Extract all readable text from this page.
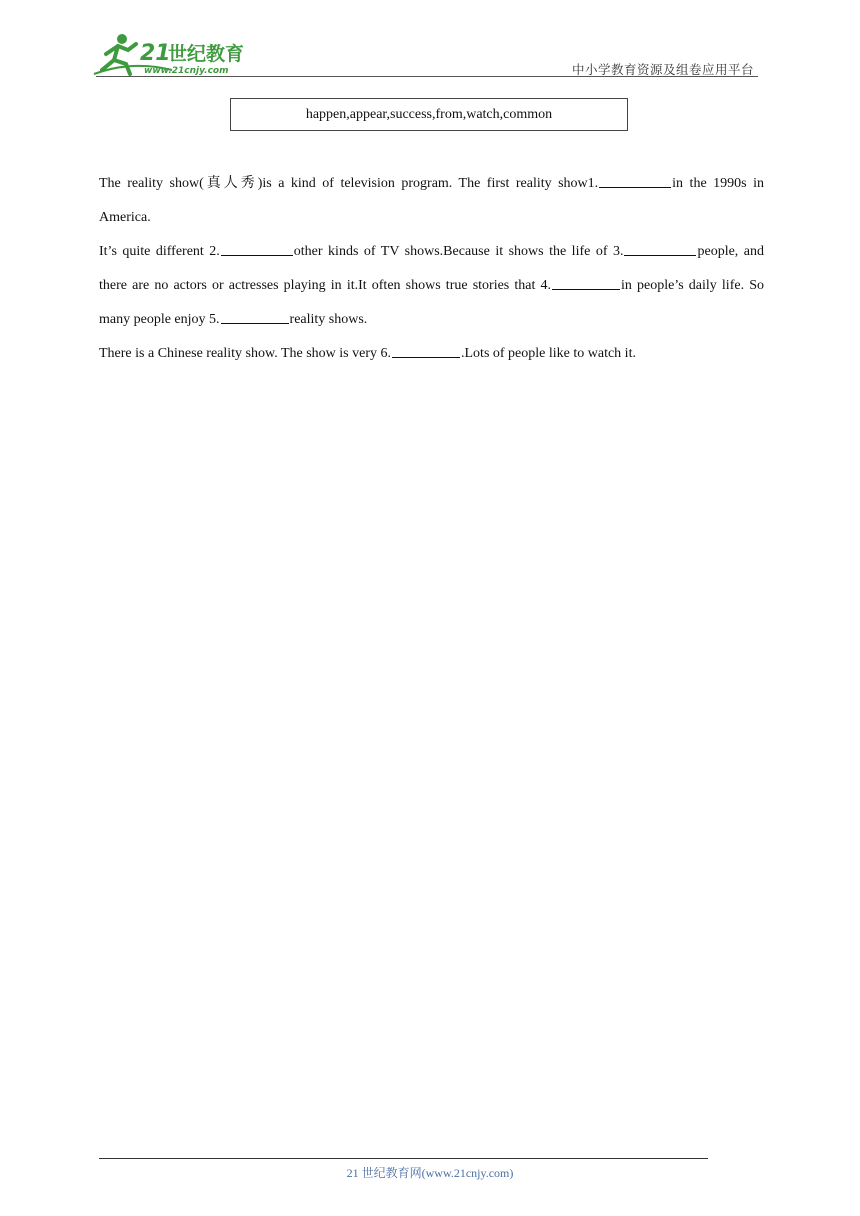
21
世纪教育
www.21cnjy.com	中小学教育资源及组卷应用平台
happen,appear,success,from,watch,common

The reality show(真人秀)is a kind of television program. The first reality show1.	in the 1990s in America.

It’s quite different 2.	other kinds of TV shows.Because it shows the life of 3.	people, and there are no actors or actresses playing in it.It often shows true stories that 4.	in people’s daily life. So many people enjoy 5.	reality shows.

There is a Chinese reality show. The show is very 6.	.Lots of people like to watch it.

21 世纪教育网(www.21cnjy.com)
